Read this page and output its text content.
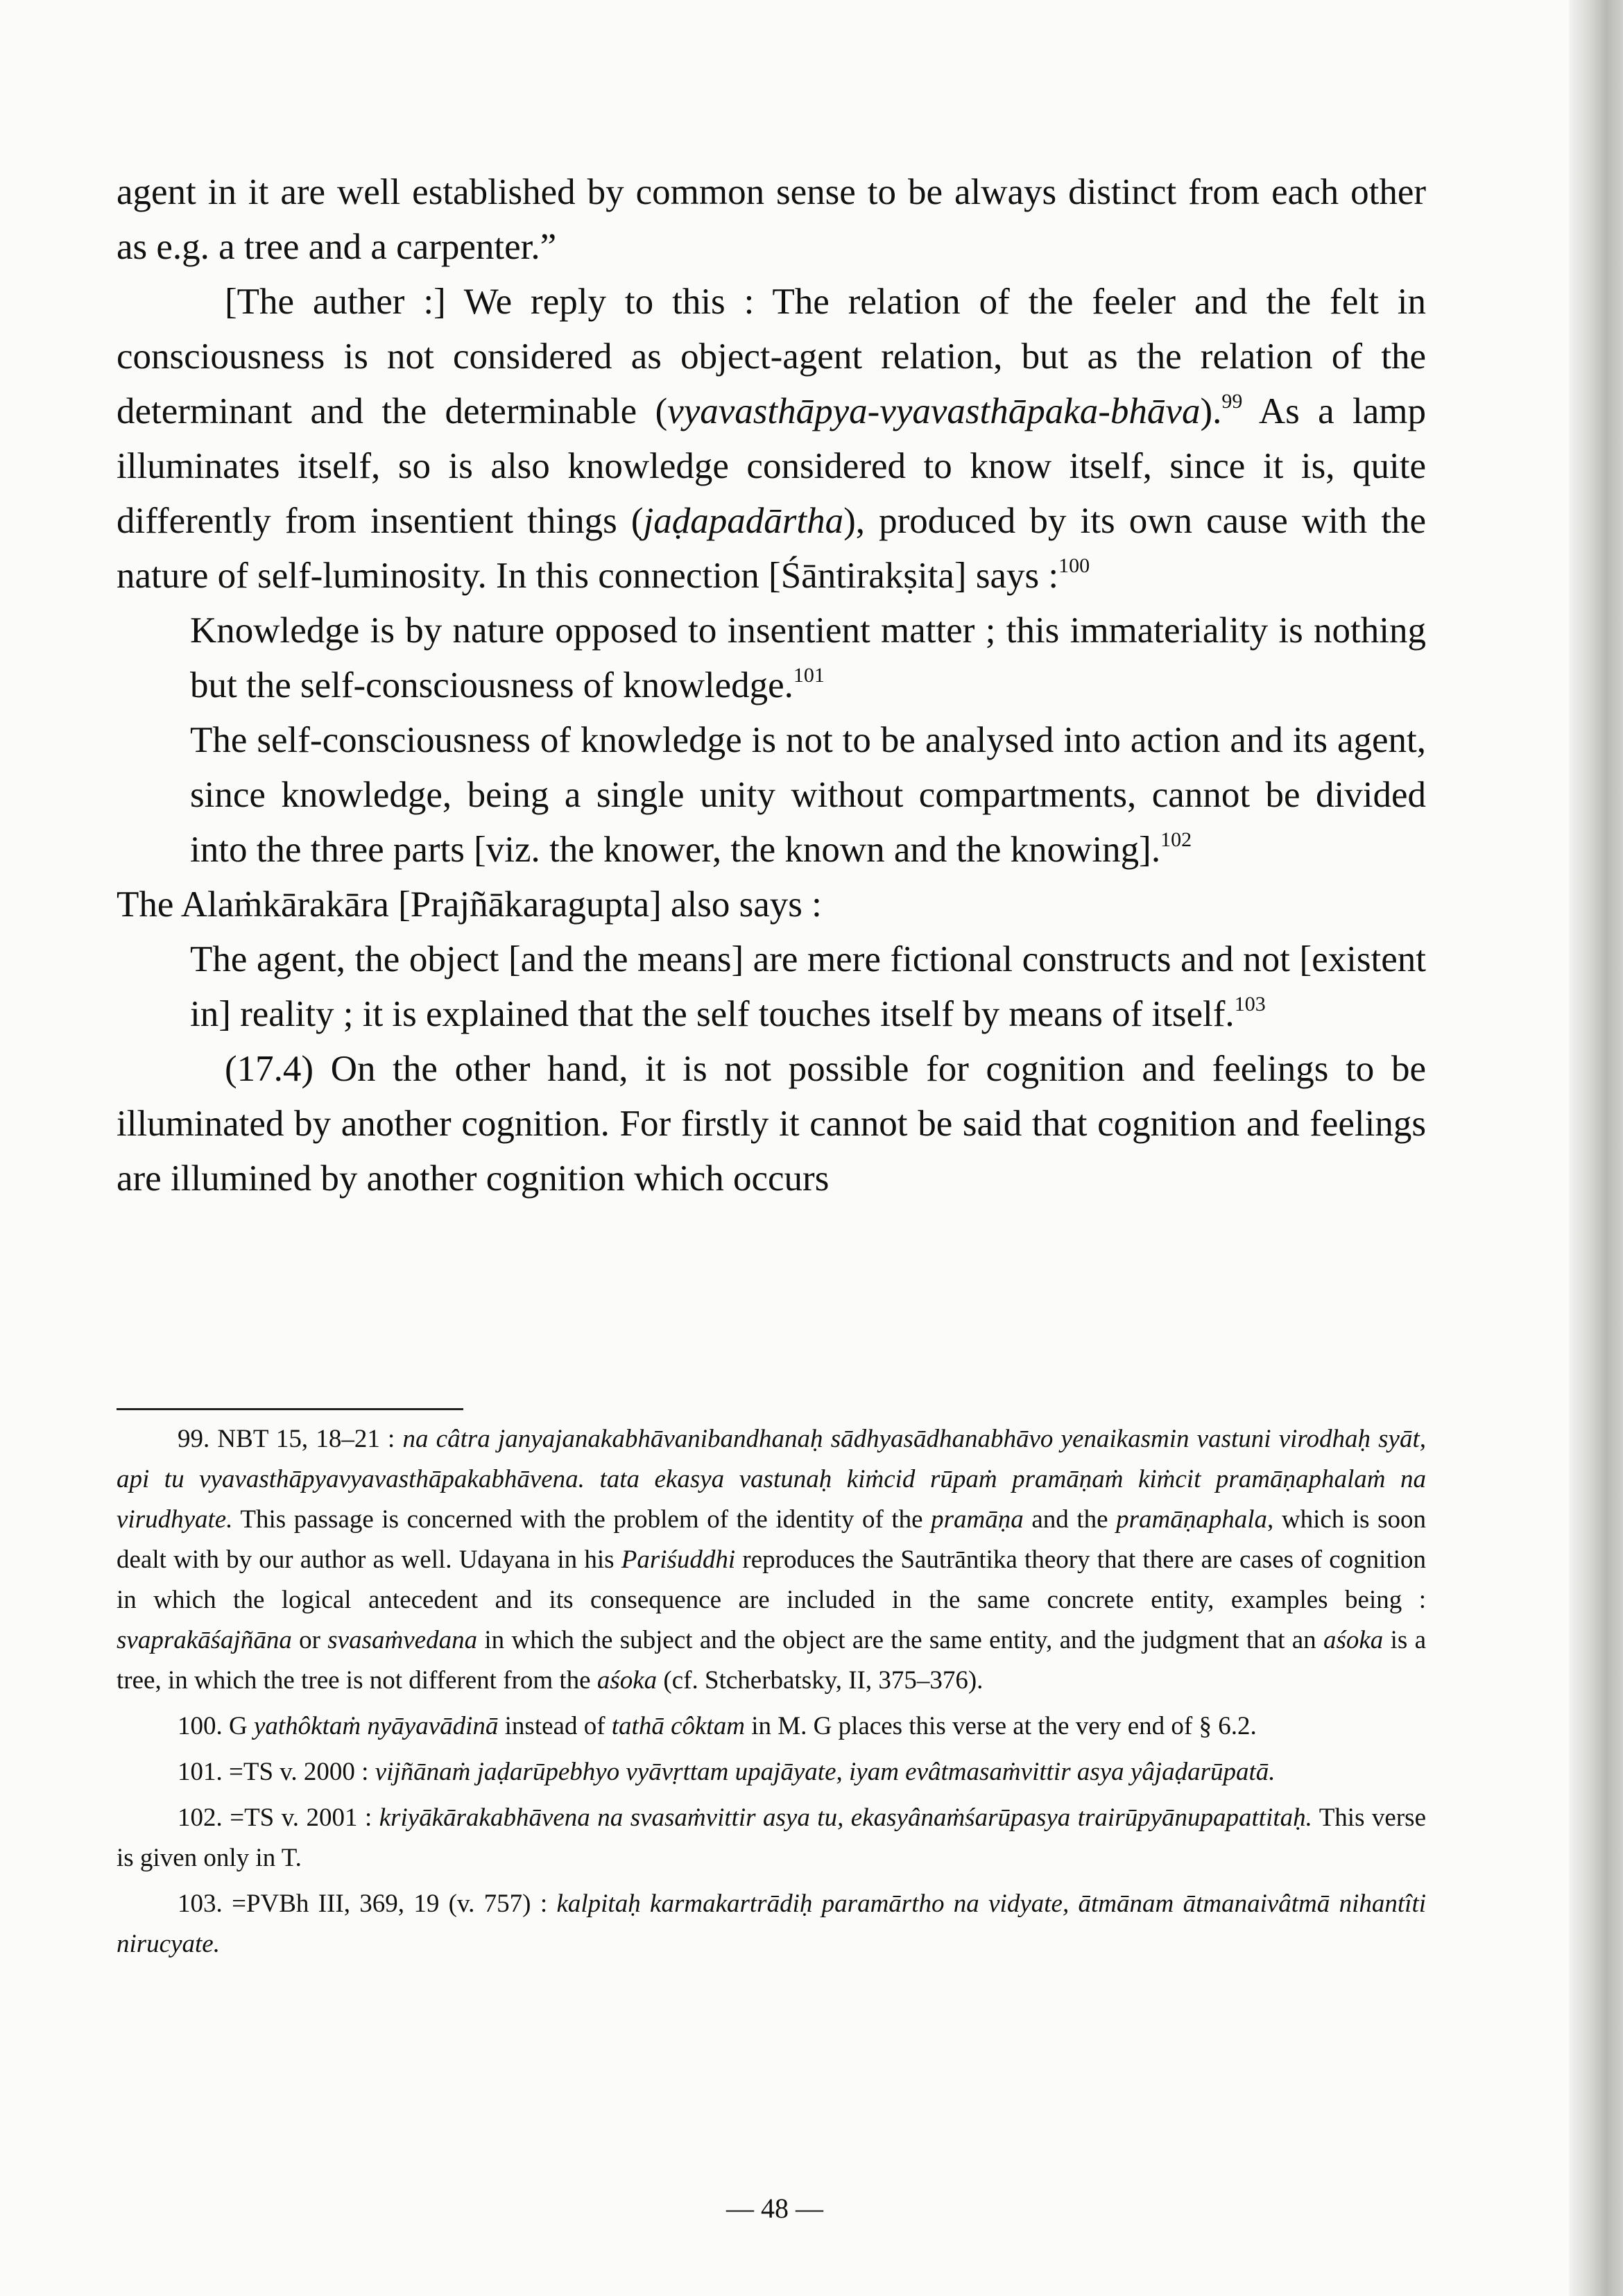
agent in it are well established by common sense to be always distinct from each other as e.g. a tree and a carpenter.”

[The auther :] We reply to this : The relation of the feeler and the felt in consciousness is not considered as object-agent relation, but as the relation of the determinant and the determinable (vyavasthāpya-vyavasthāpaka-bhāva).$^{99}$ As a lamp illuminates itself, so is also knowledge considered to know itself, since it is, quite differently from insentient things (jaḍapadārtha), produced by its own cause with the nature of self-luminosity. In this connection [Śāntirakṣita] says :$^{100}$

Knowledge is by nature opposed to insentient matter ; this immateriality is nothing but the self-consciousness of knowledge.$^{101}$

The self-consciousness of knowledge is not to be analysed into action and its agent, since knowledge, being a single unity without compartments, cannot be divided into the three parts [viz. the knower, the known and the knowing].$^{102}$

The Alaṁkārakāra [Prajñākaragupta] also says :

The agent, the object [and the means] are mere fictional constructs and not [existent in] reality ; it is explained that the self touches itself by means of itself.$^{103}$

(17.4) On the other hand, it is not possible for cognition and feelings to be illuminated by another cognition. For firstly it cannot be said that cognition and feelings are illumined by another cognition which occurs

99. NBT 15, 18–21 : na câtra janyajanakabhāvanibandhanaḥ sādhyasādhanabhāvo yenaikasmin vastuni virodhaḥ syāt, api tu vyavasthāpyavyavasthāpakabhāvena. tata ekasya vastunaḥ kiṁcid rūpaṁ pramāṇaṁ kiṁcit pramāṇaphalaṁ na virudhyate. This passage is concerned with the problem of the identity of the pramāṇa and the pramāṇaphala, which is soon dealt with by our author as well. Udayana in his Pariśuddhi reproduces the Sautrāntika theory that there are cases of cognition in which the logical antecedent and its consequence are included in the same concrete entity, examples being : svaprakāśajñāna or svasaṁvedana in which the subject and the object are the same entity, and the judgment that an aśoka is a tree, in which the tree is not different from the aśoka (cf. Stcherbatsky, II, 375–376).

100. G yathôktaṁ nyāyavādinā instead of tathā côktam in M. G places this verse at the very end of § 6.2.

101. =TS v. 2000 : vijñānaṁ jaḍarūpebhyo vyāvṛttam upajāyate, iyam evâtmasaṁvittir asya yâjaḍarūpatā.

102. =TS v. 2001 : kriyākārakabhāvena na svasaṁvittir asya tu, ekasyânaṁśarūpasya trairūpyānupapattitaḥ. This verse is given only in T.

103. =PVBh III, 369, 19 (v. 757) : kalpitaḥ karmakartrādiḥ paramārtho na vidyate, ātmānam ātmanaivâtmā nihantîti nirucyate.

— 48 —
